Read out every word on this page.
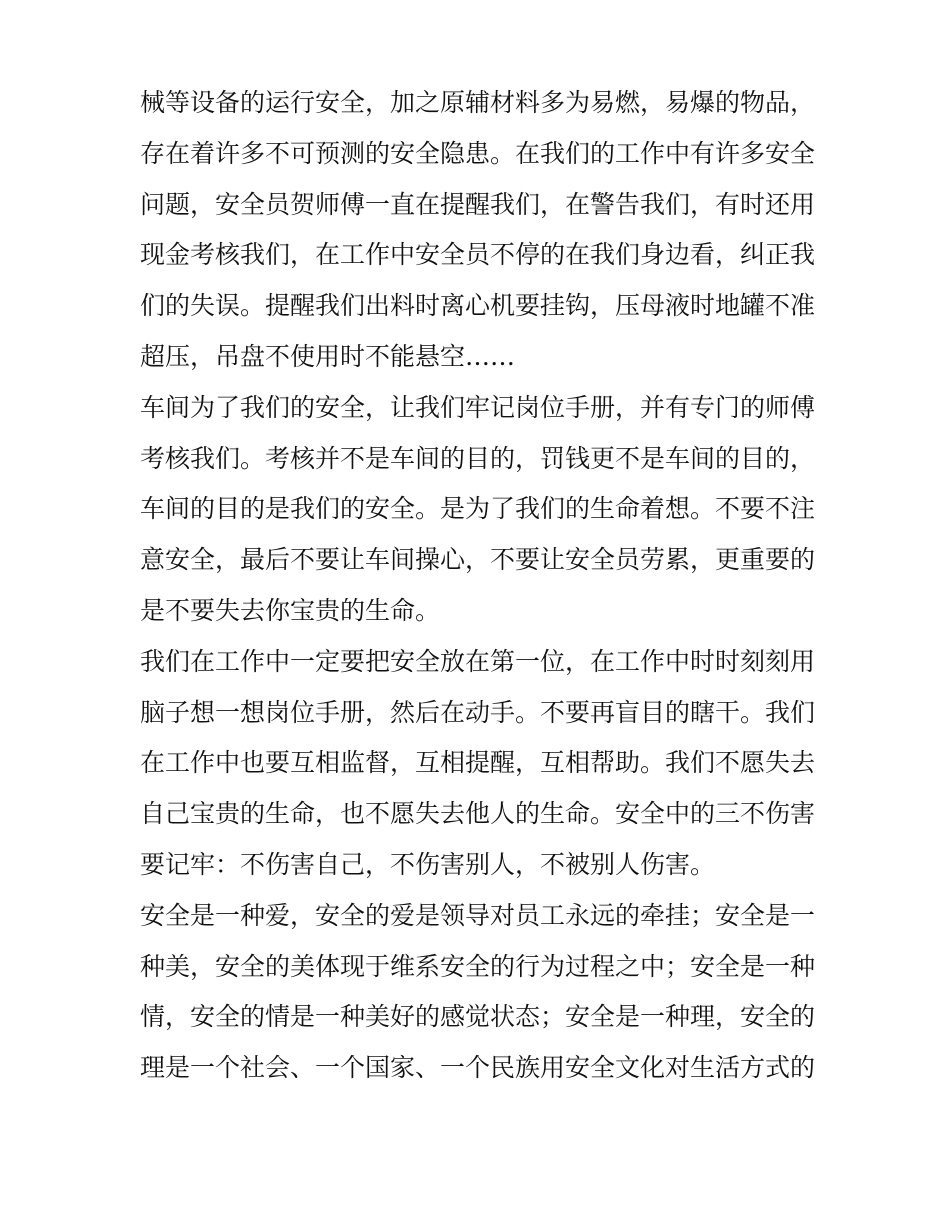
械等设备的运行安全，加之原辅材料多为易燃，易爆的物品，
存在着许多不可预测的安全隐患。在我们的工作中有许多安全
问题，安全员贺师傅一直在提醒我们，在警告我们，有时还用
现金考核我们，在工作中安全员不停的在我们身边看，纠正我
们的失误。提醒我们出料时离心机要挂钩，压母液时地罐不准
超压，吊盘不使用时不能悬空……
车间为了我们的安全，让我们牢记岗位手册，并有专门的师傅
考核我们。考核并不是车间的目的，罚钱更不是车间的目的，
车间的目的是我们的安全。是为了我们的生命着想。不要不注
意安全，最后不要让车间操心，不要让安全员劳累，更重要的
是不要失去你宝贵的生命。
我们在工作中一定要把安全放在第一位，在工作中时时刻刻用
脑子想一想岗位手册，然后在动手。不要再盲目的瞎干。我们
在工作中也要互相监督，互相提醒，互相帮助。我们不愿失去
自己宝贵的生命，也不愿失去他人的生命。安全中的三不伤害
要记牢：不伤害自己，不伤害别人，不被别人伤害。
安全是一种爱，安全的爱是领导对员工永远的牵挂；安全是一
种美，安全的美体现于维系安全的行为过程之中；安全是一种
情，安全的情是一种美好的感觉状态；安全是一种理，安全的
理是一个社会、一个国家、一个民族用安全文化对生活方式的
